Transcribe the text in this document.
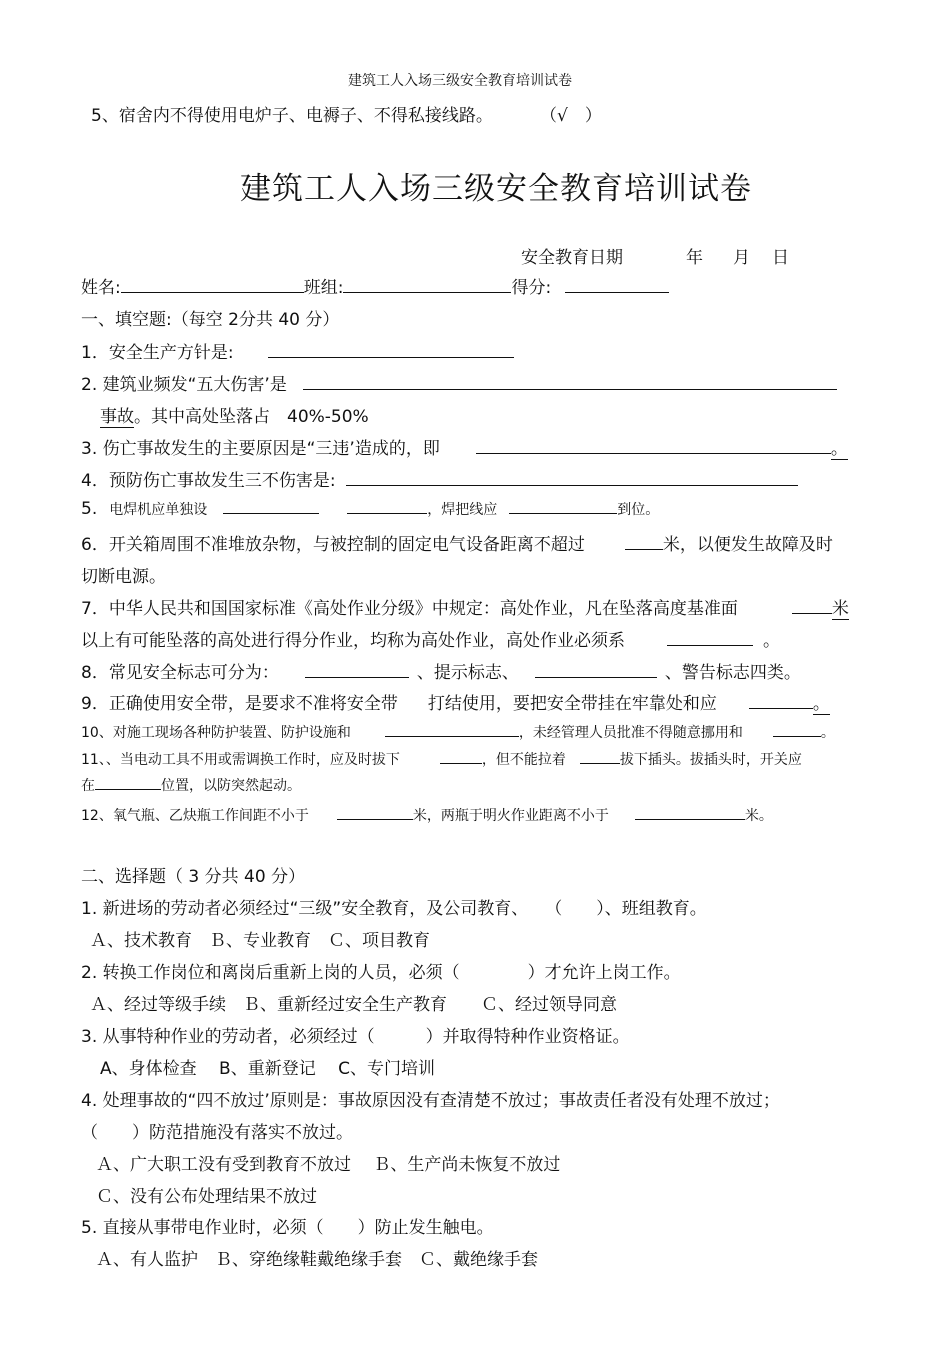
建筑工人入场三级安全教育培训试卷
5、宿舍内不得使用电炉子、电褥子、不得私接线路。	（√　）
建筑工人入场三级安全教育培训试卷
安全教育日期	年 月 日
姓名:	班组:	得分:
一、填空题:（每空 2分共 40 分）
1．安全生产方针是:
2. 建筑业频发“五大伤害’是
事故。其中高处坠落占　40%-50%
3. 伤亡事故发生的主要原因是“三违’造成的，即	。
4．预防伤亡事故发生三不伤害是:
5. 电焊机应单独设	，焊把线应	到位。
6．开关箱周围不准堆放杂物，与被控制的固定电气设备距离不超过	米，以便发生故障及时
切断电源。
7．中华人民共和国国家标准《高处作业分级》中规定：高处作业，凡在坠落高度基准面	米
以上有可能坠落的高处进行得分作业，均称为高处作业，高处作业必须系	。
8．常见安全标志可分为：	、提示标志、	、警告标志四类。
9．正确使用安全带，是要求不准将安全带 打结使用，要把安全带挂在牢靠处和应	。
10、对施工现场各种防护装置、防护设施和	，未经管理人员批准不得随意挪用和	。
11、、当电动工具不用或需调换工作时，应及时拔下	，但不能拉着	拔下插头。拔插头时，开关应
在	位置，以防突然起动。
12、氧气瓶、乙炔瓶工作间距不小于	米，两瓶于明火作业距离不小于	米。
二、选择题（ 3 分共 40 分）
1. 新进场的劳动者必须经过“三级”安全教育，及公司教育、　　（　　）、班组教育。
Ａ、技术教育　Ｂ、专业教育　Ｃ、项目教育
2. 转换工作岗位和离岗后重新上岗的人员，必须（　　　　）才允许上岗工作。
Ａ、经过等级手续　Ｂ、重新经过安全生产教育　　Ｃ、经过领导同意
3. 从事特种作业的劳动者，必须经过（　　　）并取得特种作业资格证。
A、身体检查　 B、重新登记　 C、专门培训
4. 处理事故的“四不放过’原则是：事故原因没有查清楚不放过；事故责任者没有处理不放过；
（　　）防范措施没有落实不放过。
Ａ、广大职工没有受到教育不放过　 Ｂ、生产尚未恢复不放过
Ｃ、没有公布处理结果不放过
5. 直接从事带电作业时，必须（　　）防止发生触电。
Ａ、有人监护　Ｂ、穿绝缘鞋戴绝缘手套　Ｃ、戴绝缘手套
